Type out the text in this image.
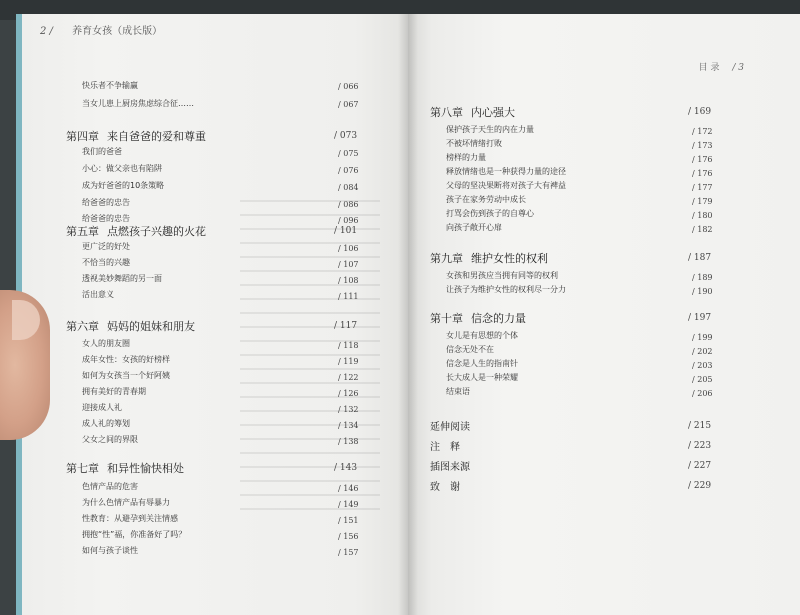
2 / 养育女孩（成长版）
目 录 / 3
快乐者不争输赢	/ 066
当女儿患上厨房焦虑综合征……	/ 067
第四章 来自爸爸的爱和尊重	/ 073
我们的爸爸	/ 075
小心：做父亲也有陷阱	/ 076
成为好爸爸的10条策略	/ 084
给爸爸的忠告	/ 086
给爸爸的忠告	/ 096
第五章 点燃孩子兴趣的火花	/ 101
更广泛的好处	/ 106
不恰当的兴趣	/ 107
透视美妙舞蹈的另一面	/ 108
活出意义	/ 111
第六章 妈妈的姐妹和朋友	/ 117
女人的朋友圈	/ 118
成年女性：女孩的好榜样	/ 119
如何为女孩当一个好阿姨	/ 122
拥有美好的青春期	/ 126
迎接成人礼	/ 132
成人礼的筹划	/ 134
父女之间的界限	/ 138
第七章 和异性愉快相处	/ 143
色情产品的危害	/ 146
为什么色情产品有辱暴力	/ 149
性教育：从避孕到关注情感	/ 151
拥抱“性”福，你准备好了吗？	/ 156
如何与孩子谈性	/ 157
第八章 内心强大	/ 169
保护孩子天生的内在力量	/ 172
不被坏情绪打败	/ 173
榜样的力量	/ 176
释放情绪也是一种获得力量的途径	/ 176
父母的坚决果断将对孩子大有裨益	/ 177
孩子在家务劳动中成长	/ 179
打骂会伤到孩子的自尊心	/ 180
向孩子敞开心扉	/ 182
第九章 维护女性的权利	/ 187
女孩和男孩应当拥有同等的权利	/ 189
让孩子为维护女性的权利尽一分力	/ 190
第十章 信念的力量	/ 197
女儿是有思想的个体	/ 199
信念无处不在	/ 202
信念是人生的指南针	/ 203
长大成人是一种荣耀	/ 205
结束语	/ 206
延伸阅读	/ 215
注　释	/ 223
插图来源	/ 227
致　谢	/ 229
